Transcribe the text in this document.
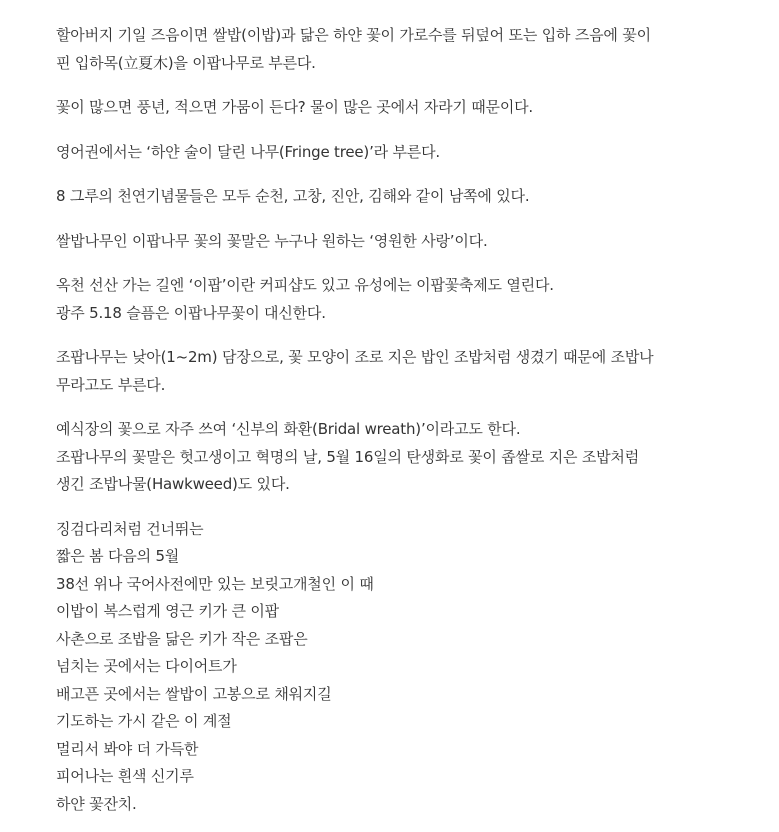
할아버지 기일 즈음이면 쌀밥(이밥)과 닮은 하얀 꽃이 가로수를 뒤덮어 또는 입하 즈음에 꽃이
핀 입하목(立夏木)을 이팝나무로 부른다.
꽃이 많으면 풍년, 적으면 가뭄이 든다? 물이 많은 곳에서 자라기 때문이다.
영어권에서는 ‘하얀 술이 달린 나무(Fringe tree)’라 부른다.
8 그루의 천연기념물들은 모두 순천, 고창, 진안, 김해와 같이 남쪽에 있다.
쌀밥나무인 이팝나무 꽃의 꽃말은 누구나 원하는 ‘영원한 사랑’이다.
옥천 선산 가는 길엔 ‘이팝’이란 커피샵도 있고 유성에는 이팝꽃축제도 열린다.
광주 5.18 슬픔은 이팝나무꽃이 대신한다.
조팝나무는 낮아(1~2m) 담장으로, 꽃 모양이 조로 지은 밥인 조밥처럼 생겼기 때문에 조밥나
무라고도 부른다.
예식장의 꽃으로 자주 쓰여 ‘신부의 화환(Bridal wreath)’이라고도 한다.
조팝나무의 꽃말은 헛고생이고 혁명의 날, 5월 16일의 탄생화로 꽃이 좁쌀로 지은 조밥처럼
생긴 조밥나물(Hawkweed)도 있다.
징검다리처럼 건너뛰는
짧은 봄 다음의 5월
38선 위나 국어사전에만 있는 보릿고개철인 이 때
이밥이 복스럽게 영근 키가 큰 이팝
사촌으로 조밥을 닮은 키가 작은 조팝은
넘치는 곳에서는 다이어트가
배고픈 곳에서는 쌀밥이 고봉으로 채워지길
기도하는 가시 같은 이 계절
멀리서 봐야 더 가득한
피어나는 흰색 신기루
하얀 꽃잔치.
